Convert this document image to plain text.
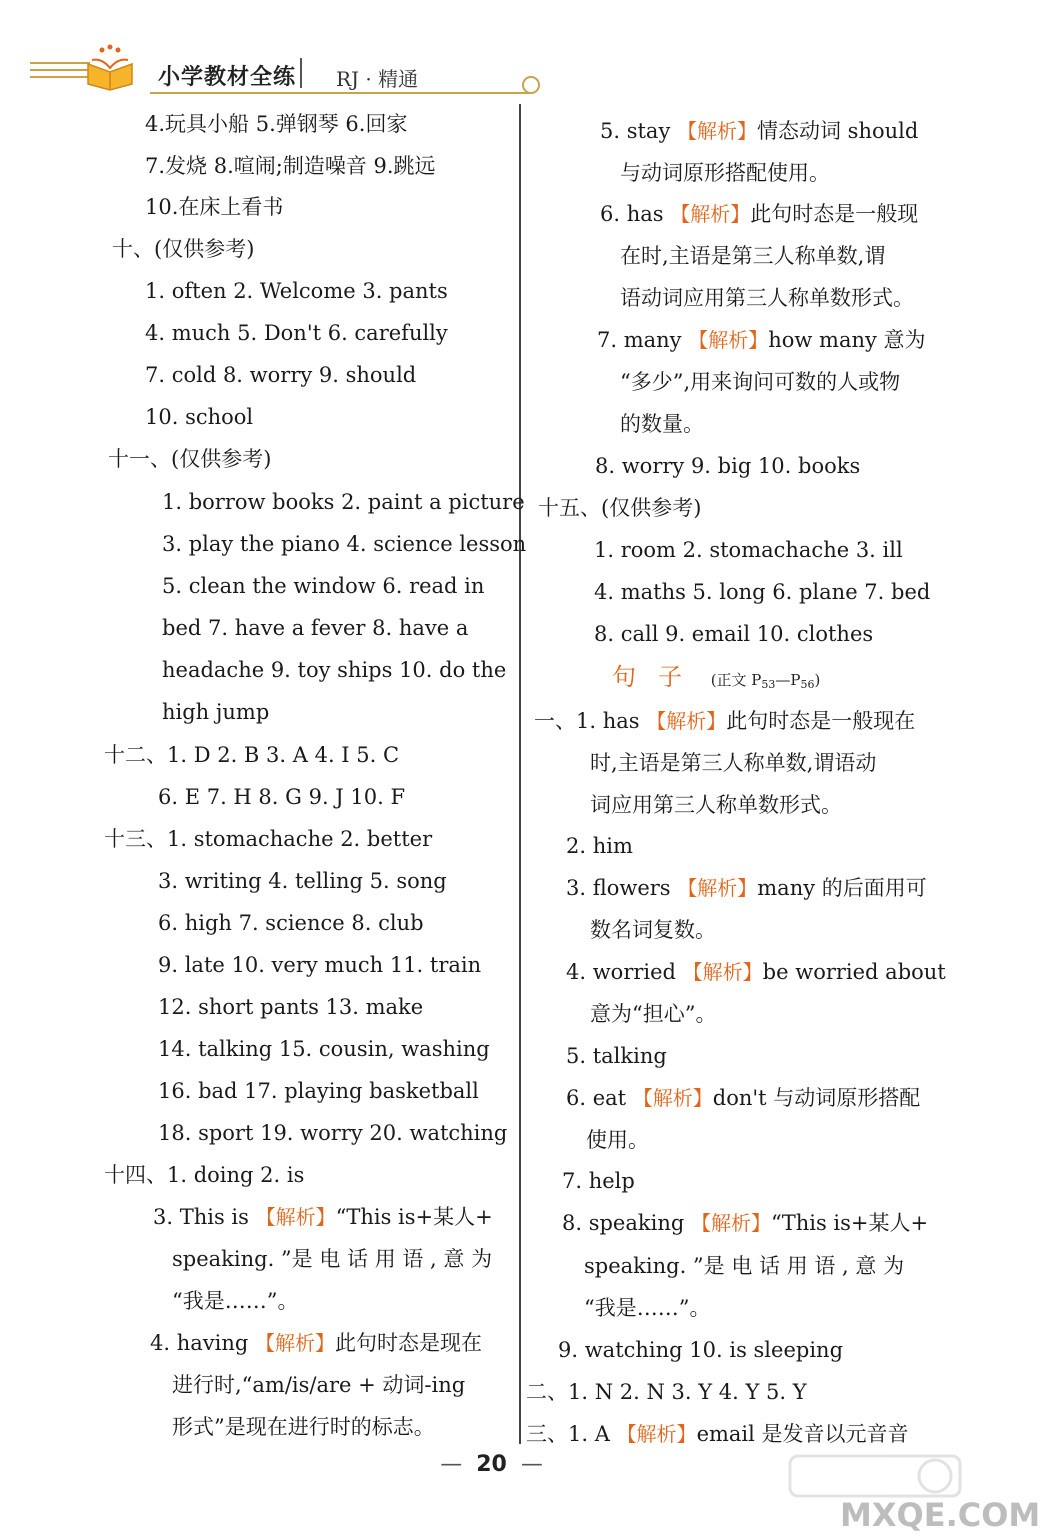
小学教材全练 RJ · 精通
4.玩具小船 5.弹钢琴 6.回家
7.发烧 8.喧闹;制造噪音 9.跳远
10.在床上看书
十、(仅供参考)
1. often 2. Welcome 3. pants
4. much 5. Don't 6. carefully
7. cold 8. worry 9. should
10. school
十一、(仅供参考)
1. borrow books 2. paint a picture
3. play the piano 4. science lesson
5. clean the window 6. read in
bed 7. have a fever 8. have a
headache 9. toy ships 10. do the
high jump
十二、1. D 2. B 3. A 4. I 5. C
6. E 7. H 8. G 9. J 10. F
十三、1. stomachache 2. better
3. writing 4. telling 5. song
6. high 7. science 8. club
9. late 10. very much 11. train
12. short pants 13. make
14. talking 15. cousin, washing
16. bad 17. playing basketball
18. sport 19. worry 20. watching
十四、1. doing 2. is
3. This is 【解析】“This is+某人+
speaking. ”是 电 话 用 语 , 意 为
“我是……”。
4. having 【解析】此句时态是现在
进行时,“am/is/are + 动词-ing
形式”是现在进行时的标志。
5. stay 【解析】情态动词 should
与动词原形搭配使用。
6. has 【解析】此句时态是一般现
在时,主语是第三人称单数,谓
语动词应用第三人称单数形式。
7. many 【解析】how many 意为
“多少”,用来询问可数的人或物
的数量。
8. worry 9. big 10. books
十五、(仅供参考)
1. room 2. stomachache 3. ill
4. maths 5. long 6. plane 7. bed
8. call 9. email 10. clothes
句子 (正文 $P_{53}—P_{56}$)
一、1. has 【解析】此句时态是一般现在
时,主语是第三人称单数,谓语动
词应用第三人称单数形式。
2. him
3. flowers 【解析】many 的后面用可
数名词复数。
4. worried 【解析】be worried about
意为“担心”。
5. talking
6. eat 【解析】don't 与动词原形搭配
使用。
7. help
8. speaking 【解析】“This is+某人+
speaking. ”是 电 话 用 语 , 意 为
“我是……”。
9. watching 10. is sleeping
二、1. N 2. N 3. Y 4. Y 5. Y
三、1. A 【解析】email 是发音以元音音
— 20 —
MXQE.COM
